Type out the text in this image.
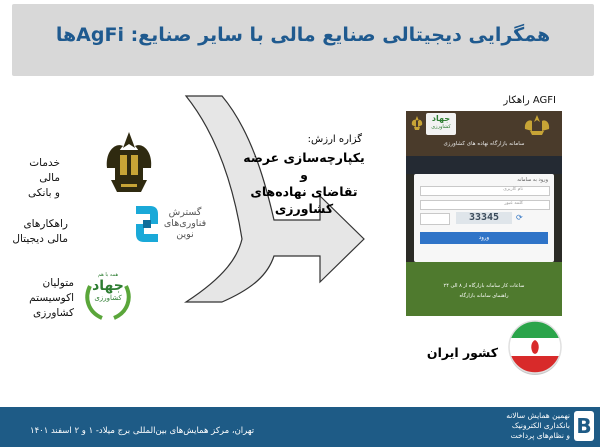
همگرایی دیجیتالی صنایع مالی با سایر صنایع: AgFiها
خدمات مالی
و بانکی
راهکارهای
مالی دیجیتال
متولیان اکوسیستم
کشاورزی
گسترش
فناوری‌های
نوین
همه با هم
جهاد
کشاورزی
گزاره ارزش:
یکپارچه‌سازی عرضه و
تقاضای نهاده‌های
کشاورزی
راهکار AGFI
جهاد
کشاورزی
سامانه بازارگاه نهاده های کشاورزی
ورود به سامانه
نام کاربری
کلمه عبور
33345	⟳
ورود
ساعات کار سامانه بازارگاه از ۸ الی ۲۴
راهنمای سامانه بازارگاه
کشور ایران
تهران، مرکز همایش‌های بین‌المللی برج میلاد- ۱ و ۲ اسفند ۱۴۰۱
نهمین همایش سالانه
بانکداری الکترونیک
و نظام‌های پرداخت B
